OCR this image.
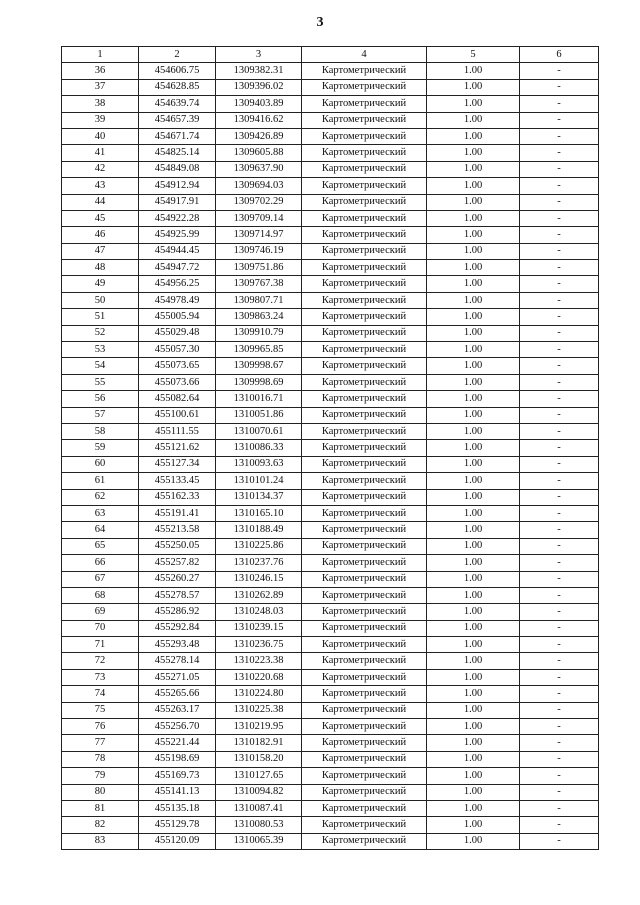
3
1	2	3	4	5	6
36	454606.75	1309382.31	Картометрический	1.00	-
37	454628.85	1309396.02	Картометрический	1.00	-
38	454639.74	1309403.89	Картометрический	1.00	-
39	454657.39	1309416.62	Картометрический	1.00	-
40	454671.74	1309426.89	Картометрический	1.00	-
41	454825.14	1309605.88	Картометрический	1.00	-
42	454849.08	1309637.90	Картометрический	1.00	-
43	454912.94	1309694.03	Картометрический	1.00	-
44	454917.91	1309702.29	Картометрический	1.00	-
45	454922.28	1309709.14	Картометрический	1.00	-
46	454925.99	1309714.97	Картометрический	1.00	-
47	454944.45	1309746.19	Картометрический	1.00	-
48	454947.72	1309751.86	Картометрический	1.00	-
49	454956.25	1309767.38	Картометрический	1.00	-
50	454978.49	1309807.71	Картометрический	1.00	-
51	455005.94	1309863.24	Картометрический	1.00	-
52	455029.48	1309910.79	Картометрический	1.00	-
53	455057.30	1309965.85	Картометрический	1.00	-
54	455073.65	1309998.67	Картометрический	1.00	-
55	455073.66	1309998.69	Картометрический	1.00	-
56	455082.64	1310016.71	Картометрический	1.00	-
57	455100.61	1310051.86	Картометрический	1.00	-
58	455111.55	1310070.61	Картометрический	1.00	-
59	455121.62	1310086.33	Картометрический	1.00	-
60	455127.34	1310093.63	Картометрический	1.00	-
61	455133.45	1310101.24	Картометрический	1.00	-
62	455162.33	1310134.37	Картометрический	1.00	-
63	455191.41	1310165.10	Картометрический	1.00	-
64	455213.58	1310188.49	Картометрический	1.00	-
65	455250.05	1310225.86	Картометрический	1.00	-
66	455257.82	1310237.76	Картометрический	1.00	-
67	455260.27	1310246.15	Картометрический	1.00	-
68	455278.57	1310262.89	Картометрический	1.00	-
69	455286.92	1310248.03	Картометрический	1.00	-
70	455292.84	1310239.15	Картометрический	1.00	-
71	455293.48	1310236.75	Картометрический	1.00	-
72	455278.14	1310223.38	Картометрический	1.00	-
73	455271.05	1310220.68	Картометрический	1.00	-
74	455265.66	1310224.80	Картометрический	1.00	-
75	455263.17	1310225.38	Картометрический	1.00	-
76	455256.70	1310219.95	Картометрический	1.00	-
77	455221.44	1310182.91	Картометрический	1.00	-
78	455198.69	1310158.20	Картометрический	1.00	-
79	455169.73	1310127.65	Картометрический	1.00	-
80	455141.13	1310094.82	Картометрический	1.00	-
81	455135.18	1310087.41	Картометрический	1.00	-
82	455129.78	1310080.53	Картометрический	1.00	-
83	455120.09	1310065.39	Картометрический	1.00	-
